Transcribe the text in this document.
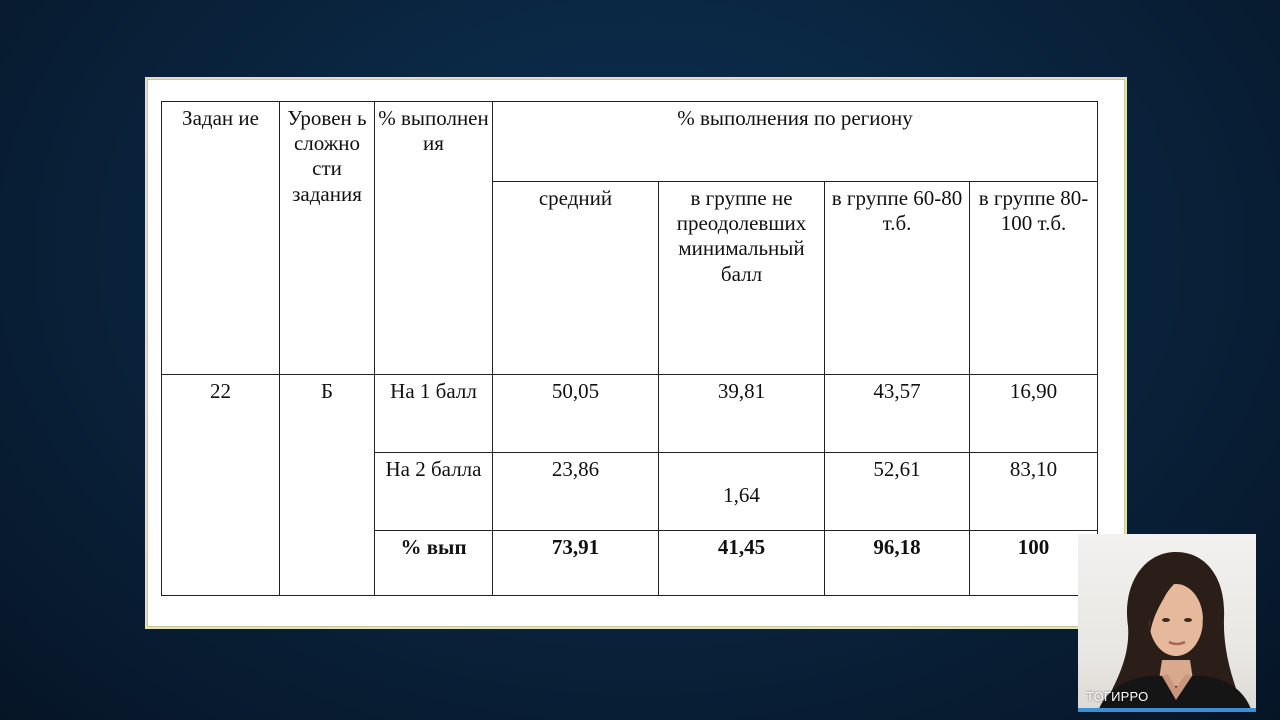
Задан ие	Уровен ь сложно сти задания	% выполнен ия	% выполнения по региону			
			средний	в группе не преодолевших минимальный балл	в группе 60-80 т.б.	в группе 80-100 т.б.
22	Б	На 1 балл	50,05	39,81	43,57	16,90
		На 2 балла	23,86	1,64	52,61	83,10
		% вып	73,91	41,45	96,18	100
ТОГИРРО
